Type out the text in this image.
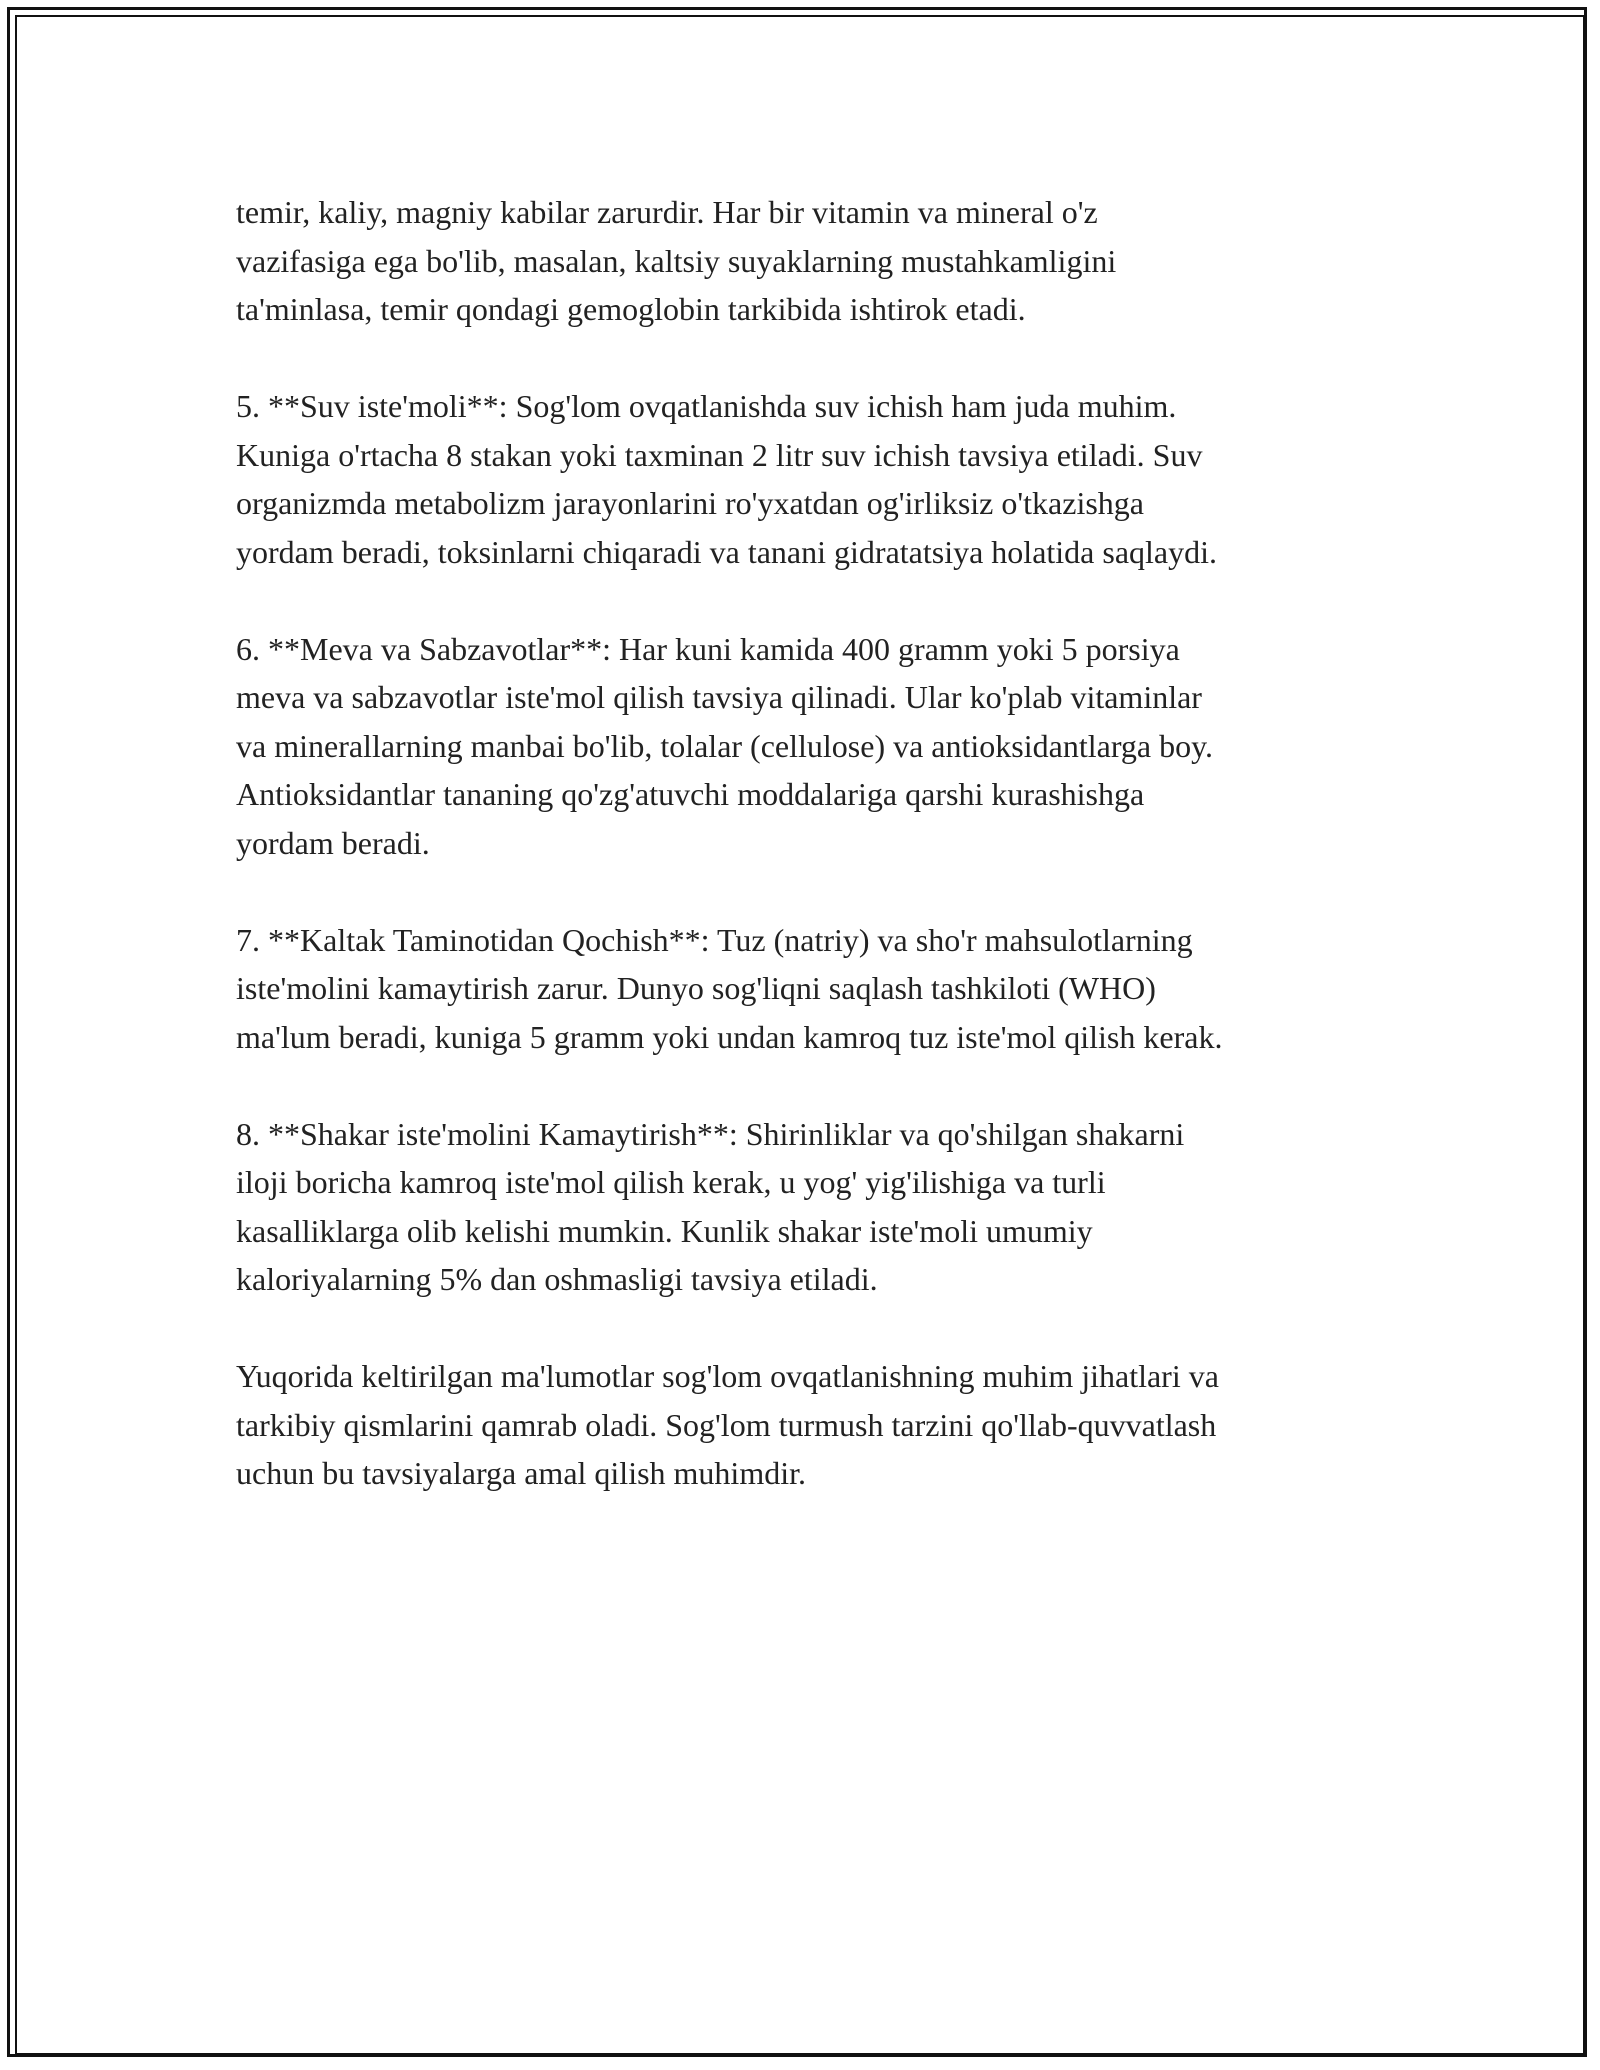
temir, kaliy, magniy kabilar zarurdir. Har bir vitamin va mineral o'z
vazifasiga ega bo'lib, masalan, kaltsiy suyaklarning mustahkamligini
ta'minlasa, temir qondagi gemoglobin tarkibida ishtirok etadi.

5. **Suv iste'moli**: Sog'lom ovqatlanishda suv ichish ham juda muhim.
Kuniga o'rtacha 8 stakan yoki taxminan 2 litr suv ichish tavsiya etiladi. Suv
organizmda metabolizm jarayonlarini ro'yxatdan og'irliksiz o'tkazishga
yordam beradi, toksinlarni chiqaradi va tanani gidratatsiya holatida saqlaydi.

6. **Meva va Sabzavotlar**: Har kuni kamida 400 gramm yoki 5 porsiya
meva va sabzavotlar iste'mol qilish tavsiya qilinadi. Ular ko'plab vitaminlar
va minerallarning manbai bo'lib, tolalar (cellulose) va antioksidantlarga boy.
Antioksidantlar tananing qo'zg'atuvchi moddalariga qarshi kurashishga
yordam beradi.

7. **Kaltak Taminotidan Qochish**: Tuz (natriy) va sho'r mahsulotlarning
iste'molini kamaytirish zarur. Dunyo sog'liqni saqlash tashkiloti (WHO)
ma'lum beradi, kuniga 5 gramm yoki undan kamroq tuz iste'mol qilish kerak.

8. **Shakar iste'molini Kamaytirish**: Shirinliklar va qo'shilgan shakarni
iloji boricha kamroq iste'mol qilish kerak, u yog' yig'ilishiga va turli
kasalliklarga olib kelishi mumkin. Kunlik shakar iste'moli umumiy
kaloriyalarning 5% dan oshmasligi tavsiya etiladi.

Yuqorida keltirilgan ma'lumotlar sog'lom ovqatlanishning muhim jihatlari va
tarkibiy qismlarini qamrab oladi. Sog'lom turmush tarzini qo'llab-quvvatlash
uchun bu tavsiyalarga amal qilish muhimdir.
